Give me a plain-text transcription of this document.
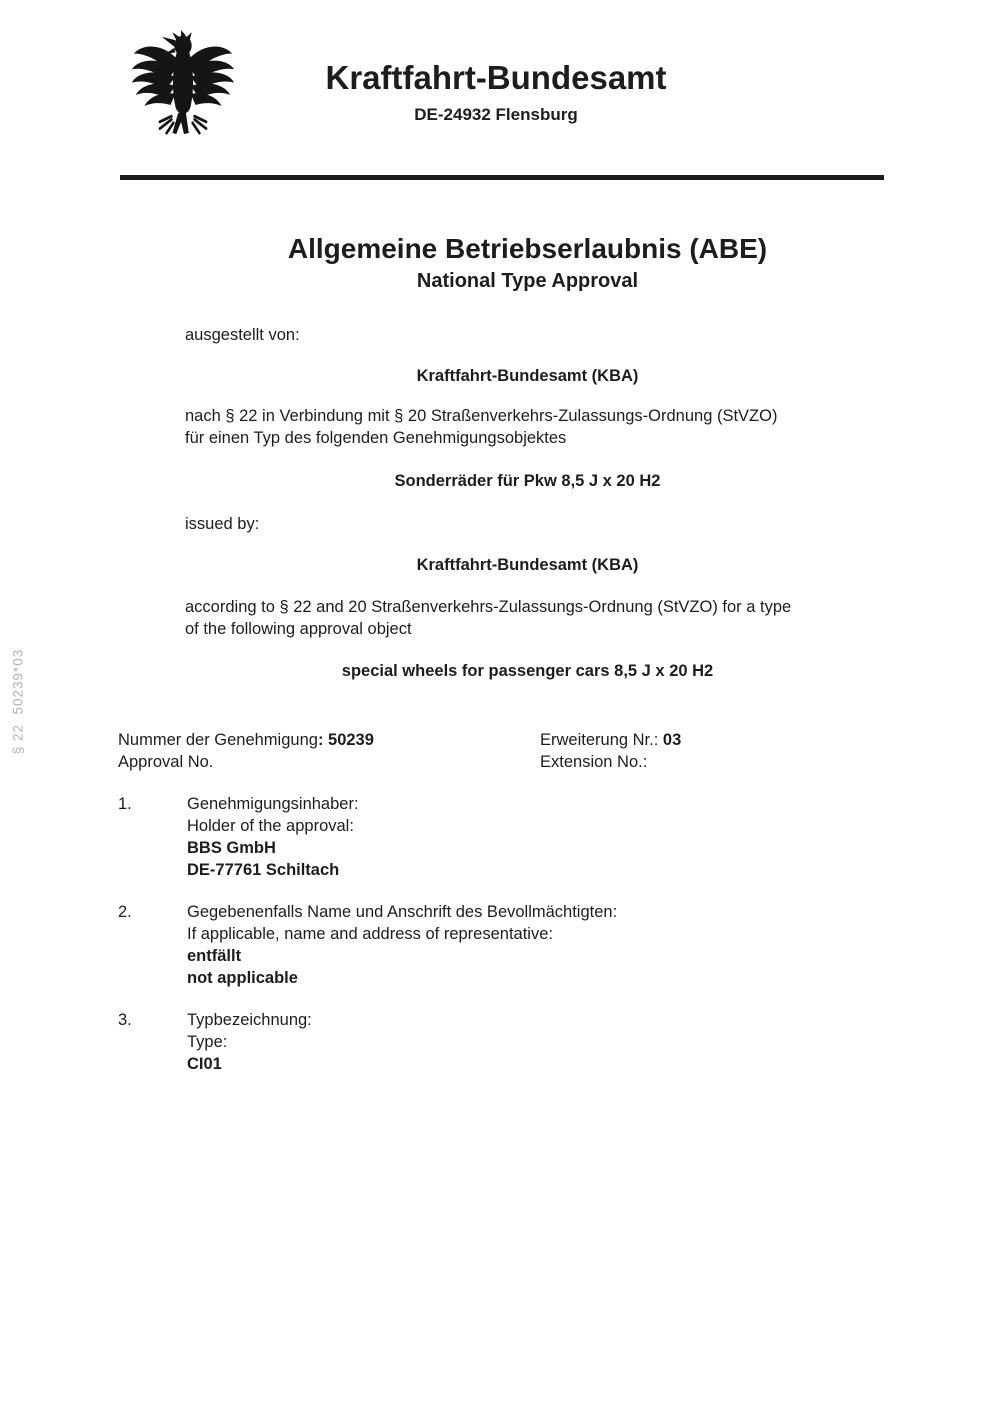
§ 22  50239*03
Kraftfahrt-Bundesamt
DE-24932 Flensburg
Allgemeine Betriebserlaubnis (ABE)
National Type Approval
ausgestellt von:
Kraftfahrt-Bundesamt (KBA)
nach § 22 in Verbindung mit § 20 Straßenverkehrs-Zulassungs-Ordnung (StVZO)
für einen Typ des folgenden Genehmigungsobjektes
Sonderräder für Pkw 8,5 J x 20 H2
issued by:
Kraftfahrt-Bundesamt (KBA)
according to § 22 and 20 Straßenverkehrs-Zulassungs-Ordnung (StVZO) for a type
of the following approval object
special wheels for passenger cars 8,5 J x 20 H2
Nummer der Genehmigung: 50239
Approval No.
Erweiterung Nr.: 03
Extension No.:
1.	Genehmigungsinhaber:
Holder of the approval:
BBS GmbH
DE-77761 Schiltach
2.	Gegebenenfalls Name und Anschrift des Bevollmächtigten:
If applicable, name and address of representative:
entfällt
not applicable
3.	Typbezeichnung:
Type:
CI01
